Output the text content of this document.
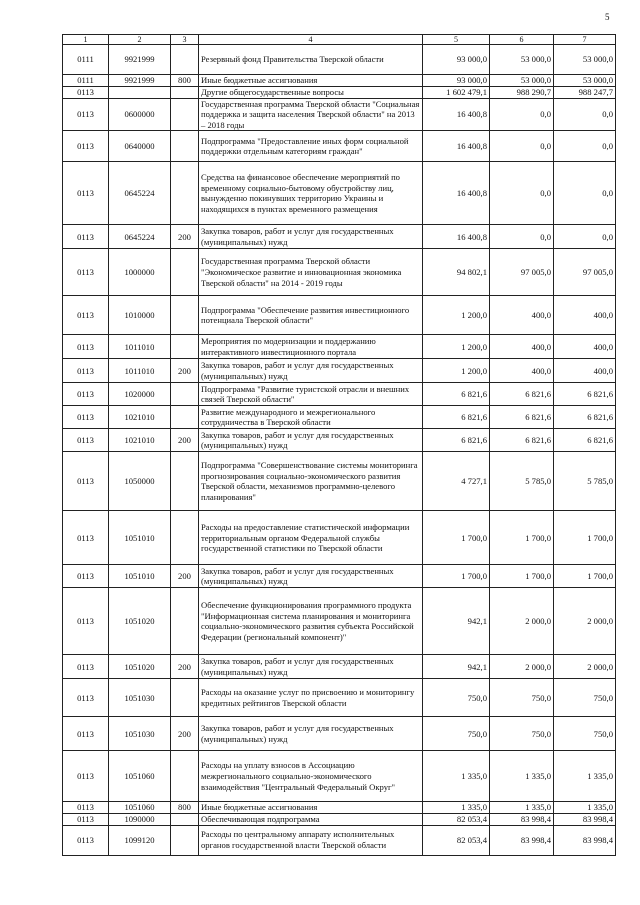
5
1	2	3	4	5	6	7
0111	9921999		Резервный фонд Правительства Тверской области	93 000,0	53 000,0	53 000,0
0111	9921999	800	Иные бюджетные ассигнования	93 000,0	53 000,0	53 000,0
0113			Другие общегосударственные вопросы	1 602 479,1	988 290,7	988 247,7
0113	0600000		Государственная программа Тверской области "Социальная поддержка и защита населения Тверской области" на 2013 – 2018 годы	16 400,8	0,0	0,0
0113	0640000		Подпрограмма "Предоставление иных форм социальной поддержки отдельным категориям граждан"	16 400,8	0,0	0,0
0113	0645224		Средства на финансовое обеспечение мероприятий по временному социально-бытовому обустройству лиц, вынужденно покинувших территорию Украины и находящихся в пунктах временного размещения	16 400,8	0,0	0,0
0113	0645224	200	Закупка товаров, работ и услуг для государственных (муниципальных) нужд	16 400,8	0,0	0,0
0113	1000000		Государственная программа Тверской области "Экономическое развитие и инновационная экономика Тверской области" на 2014 - 2019 годы	94 802,1	97 005,0	97 005,0
0113	1010000		Подпрограмма "Обеспечение развития инвестиционного потенциала Тверской области"	1 200,0	400,0	400,0
0113	1011010		Мероприятия по модернизации и поддержанию интерактивного инвестиционного портала	1 200,0	400,0	400,0
0113	1011010	200	Закупка товаров, работ и услуг для государственных (муниципальных) нужд	1 200,0	400,0	400,0
0113	1020000		Подпрограмма "Развитие туристской отрасли и внешних связей Тверской области"	6 821,6	6 821,6	6 821,6
0113	1021010		Развитие международного и межрегионального сотрудничества в Тверской области	6 821,6	6 821,6	6 821,6
0113	1021010	200	Закупка товаров, работ и услуг для государственных (муниципальных) нужд	6 821,6	6 821,6	6 821,6
0113	1050000		Подпрограмма "Совершенствование системы мониторинга прогнозирования социально-экономического развития Тверской области, механизмов программно-целевого планирования"	4 727,1	5 785,0	5 785,0
0113	1051010		Расходы на предоставление статистической информации территориальным органом Федеральной службы государственной статистики по Тверской области	1 700,0	1 700,0	1 700,0
0113	1051010	200	Закупка товаров, работ и услуг для государственных (муниципальных) нужд	1 700,0	1 700,0	1 700,0
0113	1051020		Обеспечение функционирования программного продукта "Информационная система планирования и мониторинга социально-экономического развития субъекта Российской Федерации (региональный компонент)"	942,1	2 000,0	2 000,0
0113	1051020	200	Закупка товаров, работ и услуг для государственных (муниципальных) нужд	942,1	2 000,0	2 000,0
0113	1051030		Расходы на оказание услуг по присвоению и мониторингу кредитных рейтингов Тверской области	750,0	750,0	750,0
0113	1051030	200	Закупка товаров, работ и услуг для государственных (муниципальных) нужд	750,0	750,0	750,0
0113	1051060		Расходы на уплату взносов в Ассоциацию межрегионального социально-экономического взаимодействия "Центральный Федеральный Округ"	1 335,0	1 335,0	1 335,0
0113	1051060	800	Иные бюджетные ассигнования	1 335,0	1 335,0	1 335,0
0113	1090000		Обеспечивающая подпрограмма	82 053,4	83 998,4	83 998,4
0113	1099120		Расходы по центральному аппарату исполнительных органов государственной власти Тверской области	82 053,4	83 998,4	83 998,4
